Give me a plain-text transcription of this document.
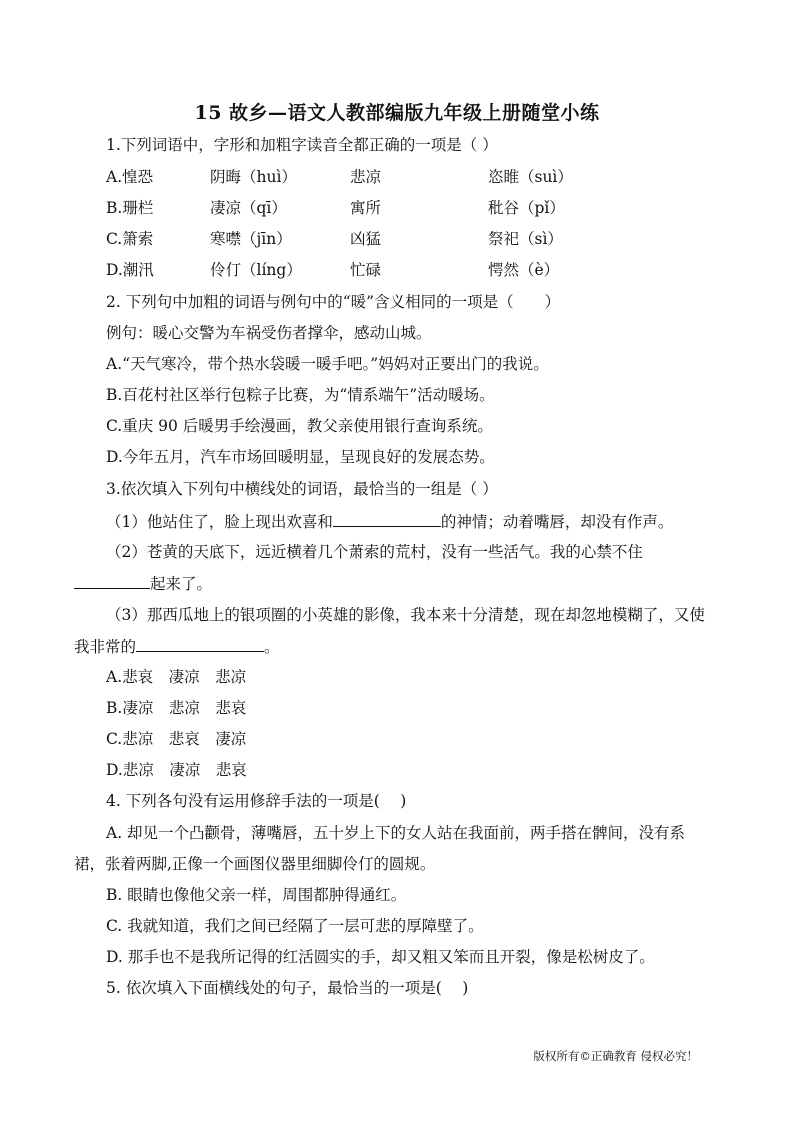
15 故乡—语文人教部编版九年级上册随堂小练
1.下列词语中，字形和加粗字读音全都正确的一项是（ ）
A.惶恐	阴晦（huì）	悲凉	恣睢（suì）
B.珊栏	凄凉（qī）	寓所	秕谷（pǐ）
C.箫索	寒噤（jīn）	凶猛	祭祀（sì）
D.潮汛	伶仃（líng）	忙碌	愕然（è）
2. 下列句中加粗的词语与例句中的“暖”含义相同的一项是（　　）
例句：暖心交警为车祸受伤者撑伞，感动山城。
A.“天气寒冷，带个热水袋暖一暖手吧。”妈妈对正要出门的我说。
B.百花村社区举行包粽子比赛，为“情系端午”活动暖场。
C.重庆 90 后暖男手绘漫画，教父亲使用银行查询系统。
D.今年五月，汽车市场回暖明显，呈现良好的发展态势。
3.依次填入下列句中横线处的词语，最恰当的一组是（ ）
（1）他站住了，脸上现出欢喜和	的神情；动着嘴唇，却没有作声。
（2）苍黄的天底下，远近横着几个萧索的荒村，没有一些活气。我的心禁不住
起来了。
（3）那西瓜地上的银项圈的小英雄的影像，我本来十分清楚，现在却忽地模糊了，又使
我非常的	。
A.悲哀　凄凉　悲凉
B.凄凉　悲凉　悲哀
C.悲凉　悲哀　凄凉
D.悲凉　凄凉　悲哀
4. 下列各句没有运用修辞手法的一项是(　 )
A. 却见一个凸颧骨，薄嘴唇，五十岁上下的女人站在我面前，两手搭在髀间，没有系
裙，张着两脚,正像一个画图仪器里细脚伶仃的圆规。
B. 眼睛也像他父亲一样，周围都肿得通红。
C. 我就知道，我们之间已经隔了一层可悲的厚障壁了。
D. 那手也不是我所记得的红活圆实的手，却又粗又笨而且开裂，像是松树皮了。
5. 依次填入下面横线处的句子，最恰当的一项是(　 )
版权所有©正确教育 侵权必究！
